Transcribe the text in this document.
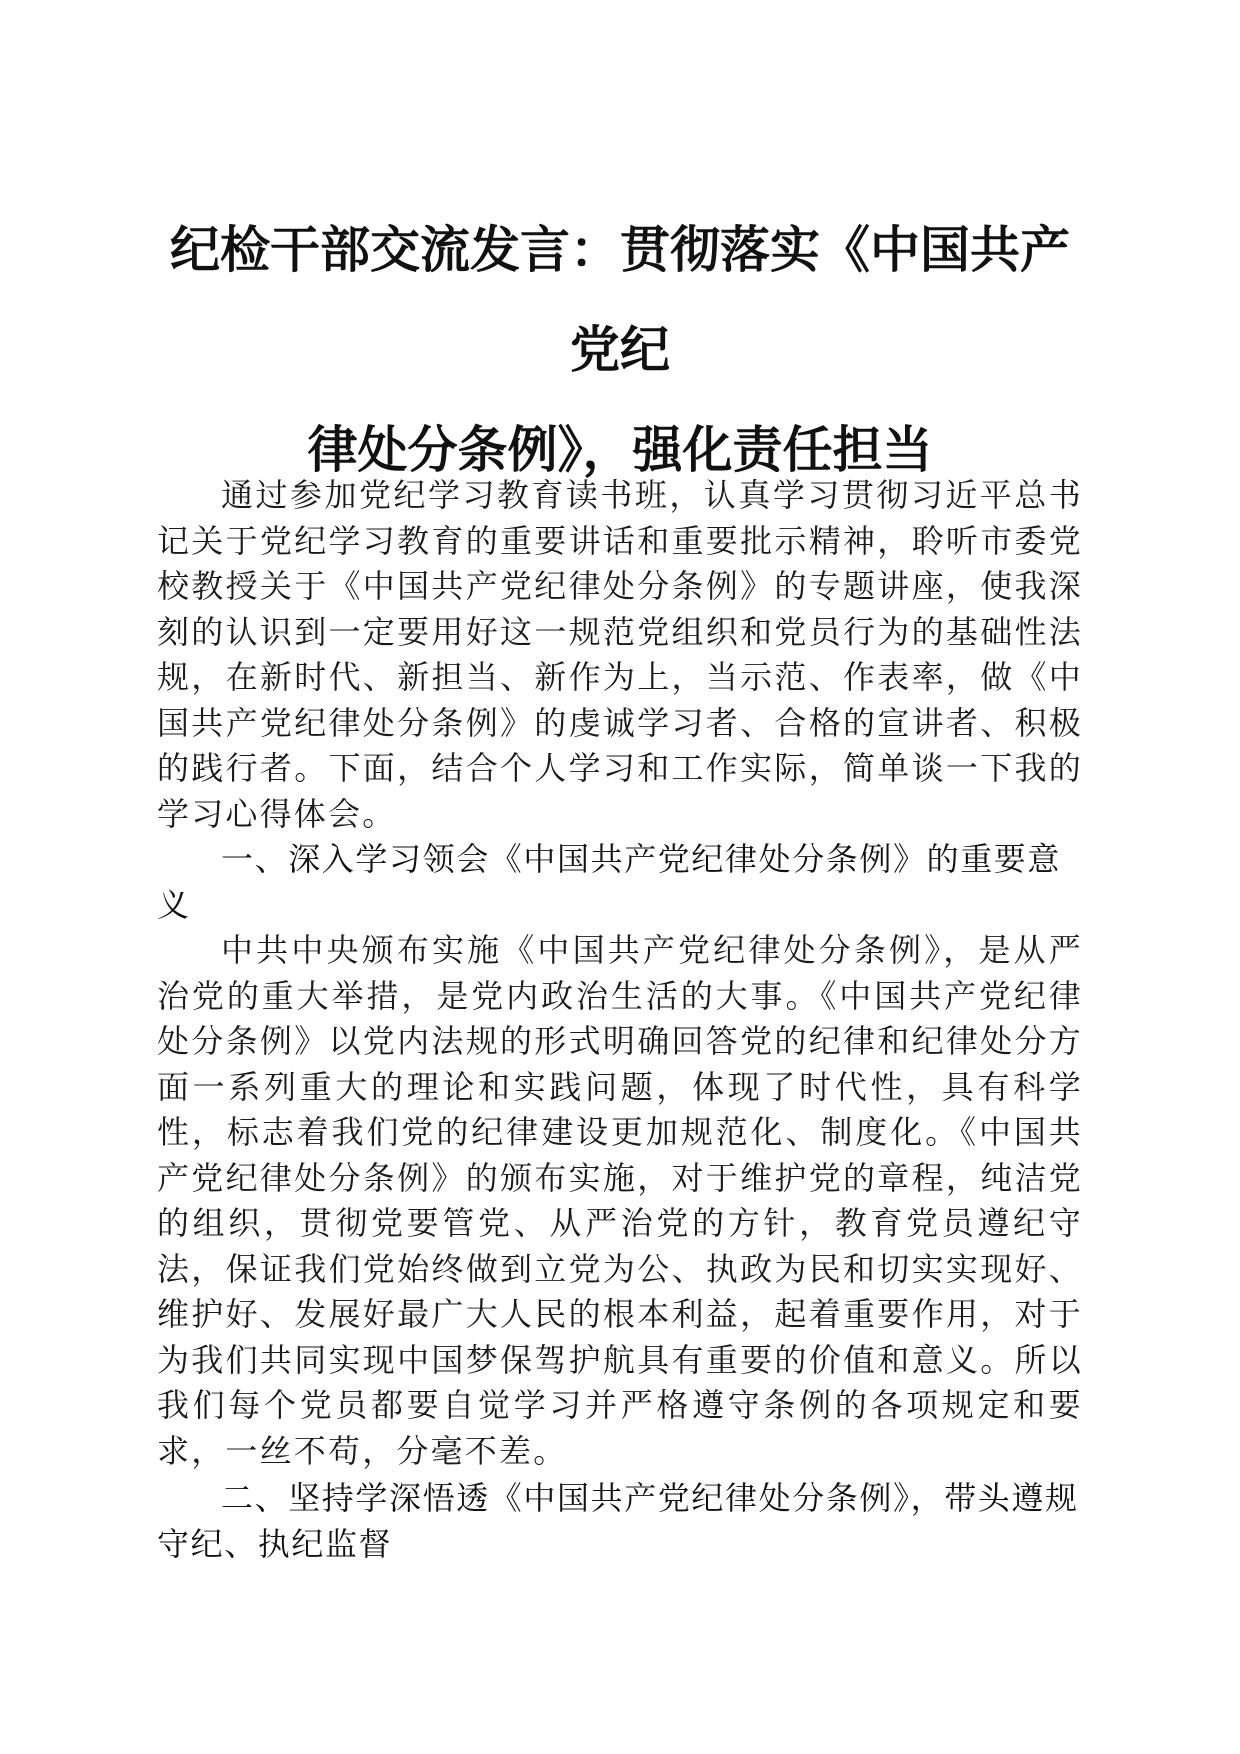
纪检干部交流发言：贯彻落实《中国共产党纪
律处分条例》，强化责任担当

通过参加党纪学习教育读书班，认真学习贯彻习近平总书记关于党纪学习教育的重要讲话和重要批示精神，聆听市委党校教授关于《中国共产党纪律处分条例》的专题讲座，使我深刻的认识到一定要用好这一规范党组织和党员行为的基础性法规，在新时代、新担当、新作为上，当示范、作表率，做《中国共产党纪律处分条例》的虔诚学习者、合格的宣讲者、积极的践行者。下面，结合个人学习和工作实际，简单谈一下我的学习心得体会。

一、深入学习领会《中国共产党纪律处分条例》的重要意义

中共中央颁布实施《中国共产党纪律处分条例》，是从严治党的重大举措，是党内政治生活的大事。《中国共产党纪律处分条例》以党内法规的形式明确回答党的纪律和纪律处分方面一系列重大的理论和实践问题，体现了时代性，具有科学性，标志着我们党的纪律建设更加规范化、制度化。《中国共产党纪律处分条例》的颁布实施，对于维护党的章程，纯洁党的组织，贯彻党要管党、从严治党的方针，教育党员遵纪守法，保证我们党始终做到立党为公、执政为民和切实实现好、维护好、发展好最广大人民的根本利益，起着重要作用，对于为我们共同实现中国梦保驾护航具有重要的价值和意义。所以我们每个党员都要自觉学习并严格遵守条例的各项规定和要求，一丝不苟，分毫不差。

二、坚持学深悟透《中国共产党纪律处分条例》，带头遵规守纪、执纪监督
